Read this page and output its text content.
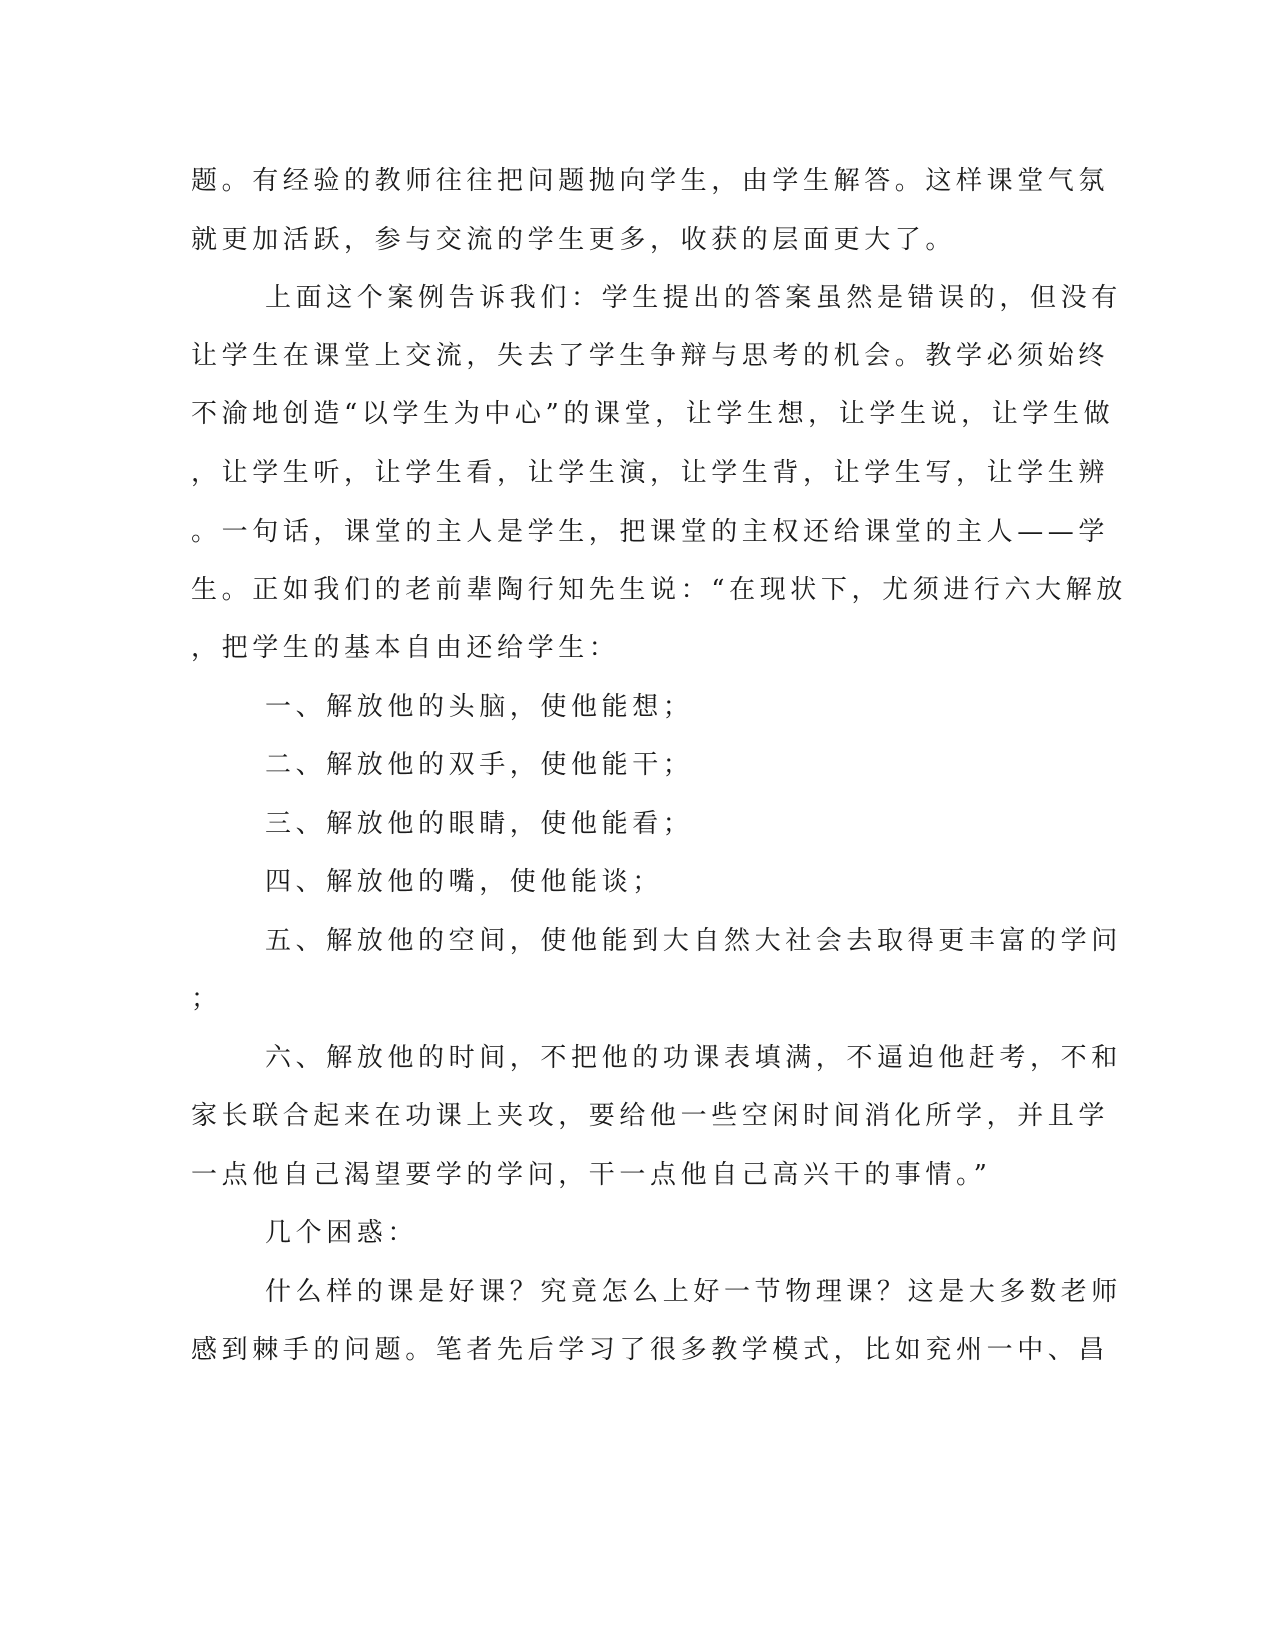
题。有经验的教师往往把问题抛向学生，由学生解答。这样课堂气氛
就更加活跃，参与交流的学生更多，收获的层面更大了。
上面这个案例告诉我们：学生提出的答案虽然是错误的，但没有
让学生在课堂上交流，失去了学生争辩与思考的机会。教学必须始终
不渝地创造“以学生为中心”的课堂，让学生想，让学生说，让学生做
，让学生听，让学生看，让学生演，让学生背，让学生写，让学生辨
。一句话，课堂的主人是学生，把课堂的主权还给课堂的主人——学
生。正如我们的老前辈陶行知先生说：“在现状下，尤须进行六大解放
，把学生的基本自由还给学生：
一、解放他的头脑，使他能想；
二、解放他的双手，使他能干；
三、解放他的眼睛，使他能看；
四、解放他的嘴，使他能谈；
五、解放他的空间，使他能到大自然大社会去取得更丰富的学问
；
六、解放他的时间，不把他的功课表填满，不逼迫他赶考，不和
家长联合起来在功课上夹攻，要给他一些空闲时间消化所学，并且学
一点他自己渴望要学的学问，干一点他自己高兴干的事情。”
几个困惑：
什么样的课是好课？究竟怎么上好一节物理课？这是大多数老师
感到棘手的问题。笔者先后学习了很多教学模式，比如兖州一中、昌
